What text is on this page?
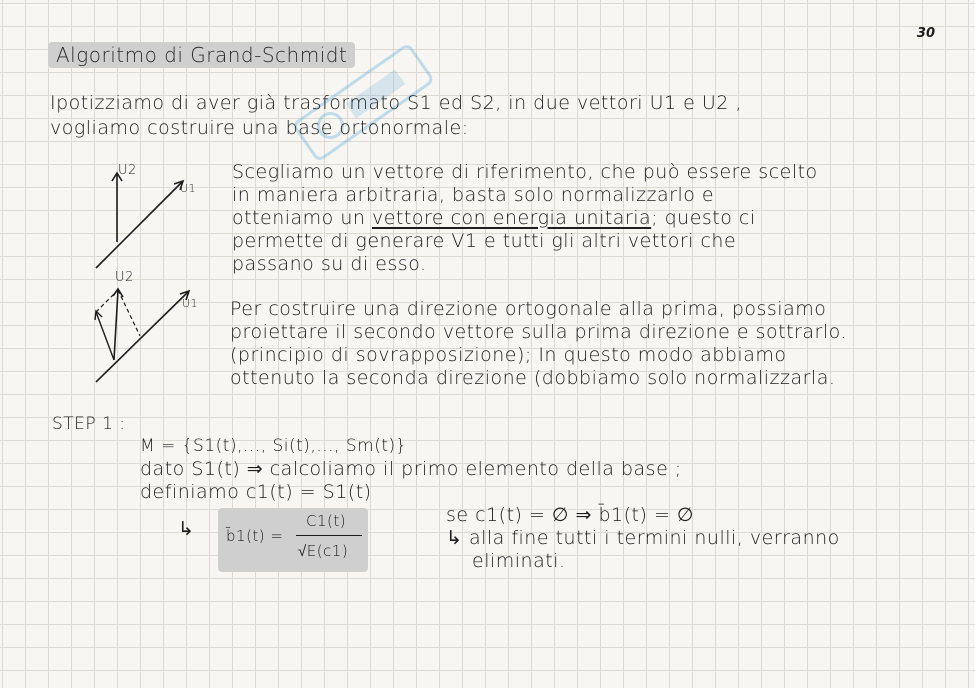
30
Algoritmo di Grand-Schmidt
Ipotizziamo di aver già trasformato S1 ed S2, in due vettori U1 e U2 ,
vogliamo costruire una base ortonormale:
U2
U1
U2
U1
Scegliamo un vettore di riferimento, che può essere scelto
in maniera arbitraria, basta solo normalizzarlo e
otteniamo un vettore con energia unitaria; questo ci
permette di generare V1 e tutti gli altri vettori che
passano su di esso.
Per costruire una direzione ortogonale alla prima, possiamo
proiettare il secondo vettore sulla prima direzione e sottrarlo.
(principio di sovrapposizione); In questo modo abbiamo
ottenuto la seconda direzione (dobbiamo solo normalizzarla.
STEP 1 :
M = {S1(t),..., Si(t),..., Sm(t)}
dato S1(t) ⇒ calcoliamo il primo elemento della base ;
definiamo c1(t) = S1(t)
↳ b̄1(t) =
C1(t)
√E(c1)
se c1(t) = ∅ ⇒ b̄1(t) = ∅
↳ alla fine tutti i termini nulli, verranno
eliminati.
